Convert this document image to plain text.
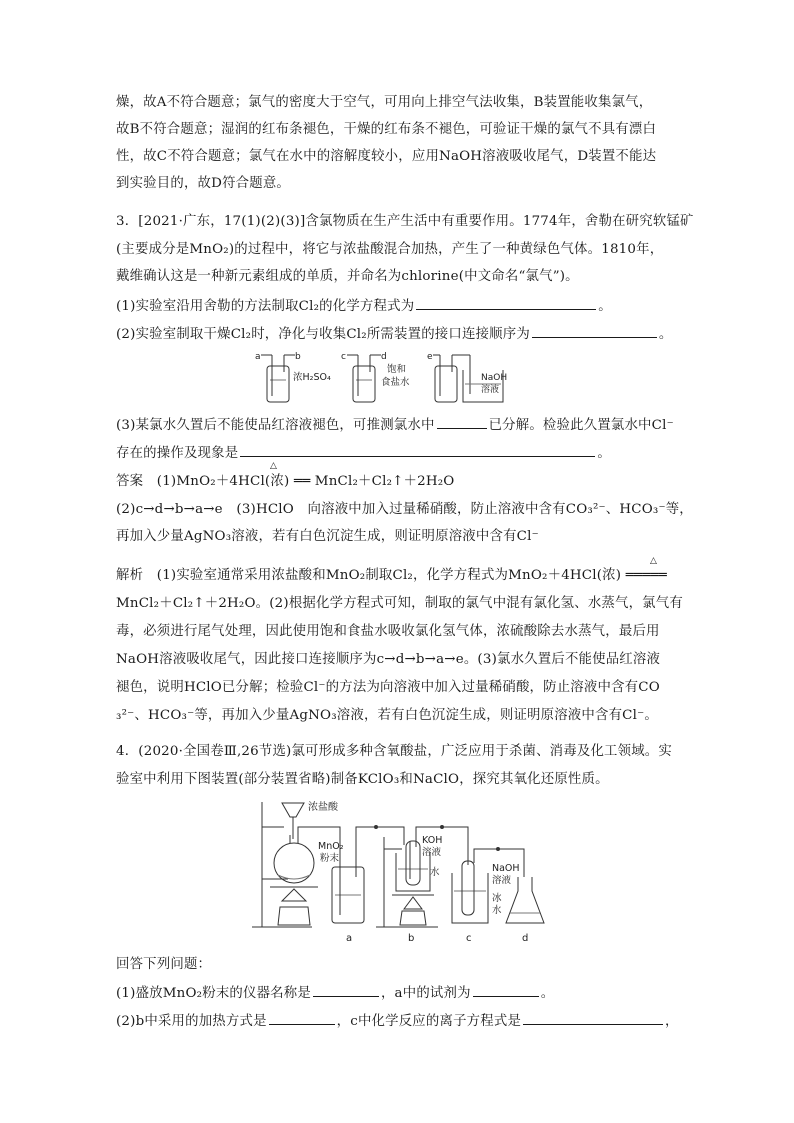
燥，故A不符合题意；氯气的密度大于空气，可用向上排空气法收集，B装置能收集氯气，
故B不符合题意；湿润的红布条褪色，干燥的红布条不褪色，可验证干燥的氯气不具有漂白
性，故C不符合题意；氯气在水中的溶解度较小，应用NaOH溶液吸收尾气，D装置不能达
到实验目的，故D符合题意。
3．[2021·广东，17(1)(2)(3)]含氯物质在生产生活中有重要作用。1774年，舍勒在研究软锰矿
(主要成分是MnO₂)的过程中，将它与浓盐酸混合加热，产生了一种黄绿色气体。1810年，
戴维确认这是一种新元素组成的单质，并命名为chlorine(中文命名“氯气”)。
(1)实验室沿用舍勒的方法制取Cl₂的化学方程式为	。
(2)实验室制取干燥Cl₂时，净化与收集Cl₂所需装置的接口连接顺序为	。
a	b	c	d	e
浓H₂SO₄
饱和
食盐水	NaOH
溶液
(3)某氯水久置后不能使品红溶液褪色，可推测氯水中	已分解。检验此久置氯水中Cl⁻
存在的操作及现象是	。
△
答案　(1)MnO₂＋4HCl(浓) ══ MnCl₂＋Cl₂↑＋2H₂O
(2)c→d→b→a→e　(3)HClO　向溶液中加入过量稀硝酸，防止溶液中含有CO₃²⁻、HCO₃⁻等，
再加入少量AgNO₃溶液，若有白色沉淀生成，则证明原溶液中含有Cl⁻
△
解析　(1)实验室通常采用浓盐酸和MnO₂制取Cl₂，化学方程式为MnO₂＋4HCl(浓) ═════
MnCl₂＋Cl₂↑＋2H₂O。(2)根据化学方程式可知，制取的氯气中混有氯化氢、水蒸气，氯气有
毒，必须进行尾气处理，因此使用饱和食盐水吸收氯化氢气体，浓硫酸除去水蒸气，最后用
NaOH溶液吸收尾气，因此接口连接顺序为c→d→b→a→e。(3)氯水久置后不能使品红溶液
褪色，说明HClO已分解；检验Cl⁻的方法为向溶液中加入过量稀硝酸，防止溶液中含有CO
₃²⁻、HCO₃⁻等，再加入少量AgNO₃溶液，若有白色沉淀生成，则证明原溶液中含有Cl⁻。
4．(2020·全国卷Ⅲ,26节选)氯可形成多种含氧酸盐，广泛应用于杀菌、消毒及化工领域。实
验室中利用下图装置(部分装置省略)制备KClO₃和NaClO，探究其氧化还原性质。
浓盐酸
MnO₂
粉末
KOH
溶液
水	NaOH
溶液
冰
水
a	b	c	d
回答下列问题：
(1)盛放MnO₂粉末的仪器名称是	，a中的试剂为	。
(2)b中采用的加热方式是	，c中化学反应的离子方程式是	，
